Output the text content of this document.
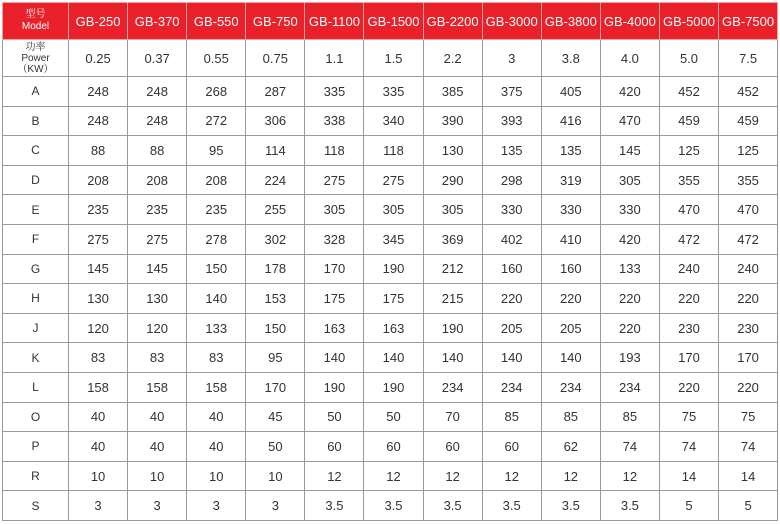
型号
Model	GB-250	GB-370	GB-550	GB-750	GB-1100	GB-1500	GB-2200	GB-3000	GB-3800	GB-4000	GB-5000	GB-7500

功率
Power
（KW）	0.25	0.37	0.55	0.75	1.1	1.5	2.2	3	3.8	4.0	5.0	7.5
A	248	248	268	287	335	335	385	375	405	420	452	452
B	248	248	272	306	338	340	390	393	416	470	459	459
C	88	88	95	114	118	118	130	135	135	145	125	125
D	208	208	208	224	275	275	290	298	319	305	355	355
E	235	235	235	255	305	305	305	330	330	330	470	470
F	275	275	278	302	328	345	369	402	410	420	472	472
G	145	145	150	178	170	190	212	160	160	133	240	240
H	130	130	140	153	175	175	215	220	220	220	220	220
J	120	120	133	150	163	163	190	205	205	220	230	230
K	83	83	83	95	140	140	140	140	140	193	170	170
L	158	158	158	170	190	190	234	234	234	234	220	220
O	40	40	40	45	50	50	70	85	85	85	75	75
P	40	40	40	50	60	60	60	60	62	74	74	74
R	10	10	10	10	12	12	12	12	12	12	14	14
S	3	3	3	3	3.5	3.5	3.5	3.5	3.5	3.5	5	5
